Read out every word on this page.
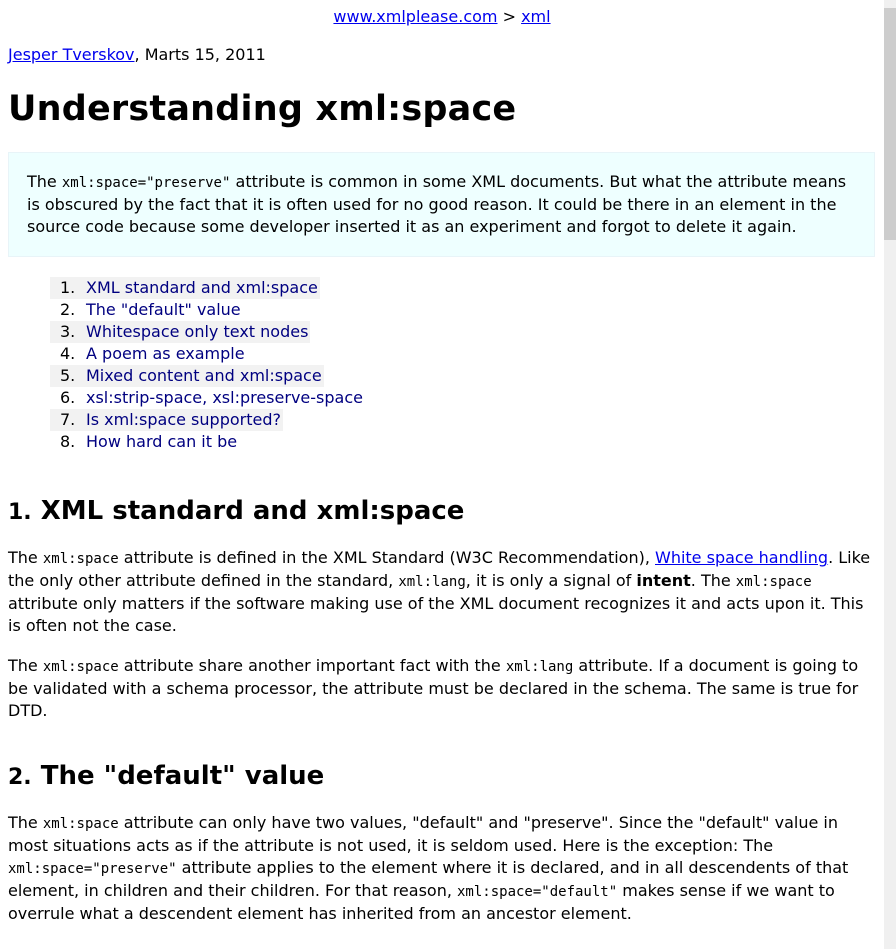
www.xmlplease.com > xml
Jesper Tverskov, Marts 15, 2011
Understanding xml:space
The xml:space="preserve" attribute is common in some XML documents. But what the attribute means is obscured by the fact that it is often used for no good reason. It could be there in an element in the source code because some developer inserted it as an experiment and forgot to delete it again.
1. XML standard and xml:space
2. The "default" value
3. Whitespace only text nodes
4. A poem as example
5. Mixed content and xml:space
6. xsl:strip-space, xsl:preserve-space
7. Is xml:space supported?
8. How hard can it be
1. XML standard and xml:space

The xml:space attribute is defined in the XML Standard (W3C Recommendation), White space handling. Like the only other attribute defined in the standard, xml:lang, it is only a signal of intent. The xml:space attribute only matters if the software making use of the XML document recognizes it and acts upon it. This is often not the case.

The xml:space attribute share another important fact with the xml:lang attribute. If a document is going to be validated with a schema processor, the attribute must be declared in the schema. The same is true for DTD.

2. The "default" value

The xml:space attribute can only have two values, "default" and "preserve". Since the "default" value in most situations acts as if the attribute is not used, it is seldom used. Here is the exception: The xml:space="preserve" attribute applies to the element where it is declared, and in all descendents of that element, in children and their children. For that reason, xml:space="default" makes sense if we want to overrule what a descendent element has inherited from an ancestor element.
